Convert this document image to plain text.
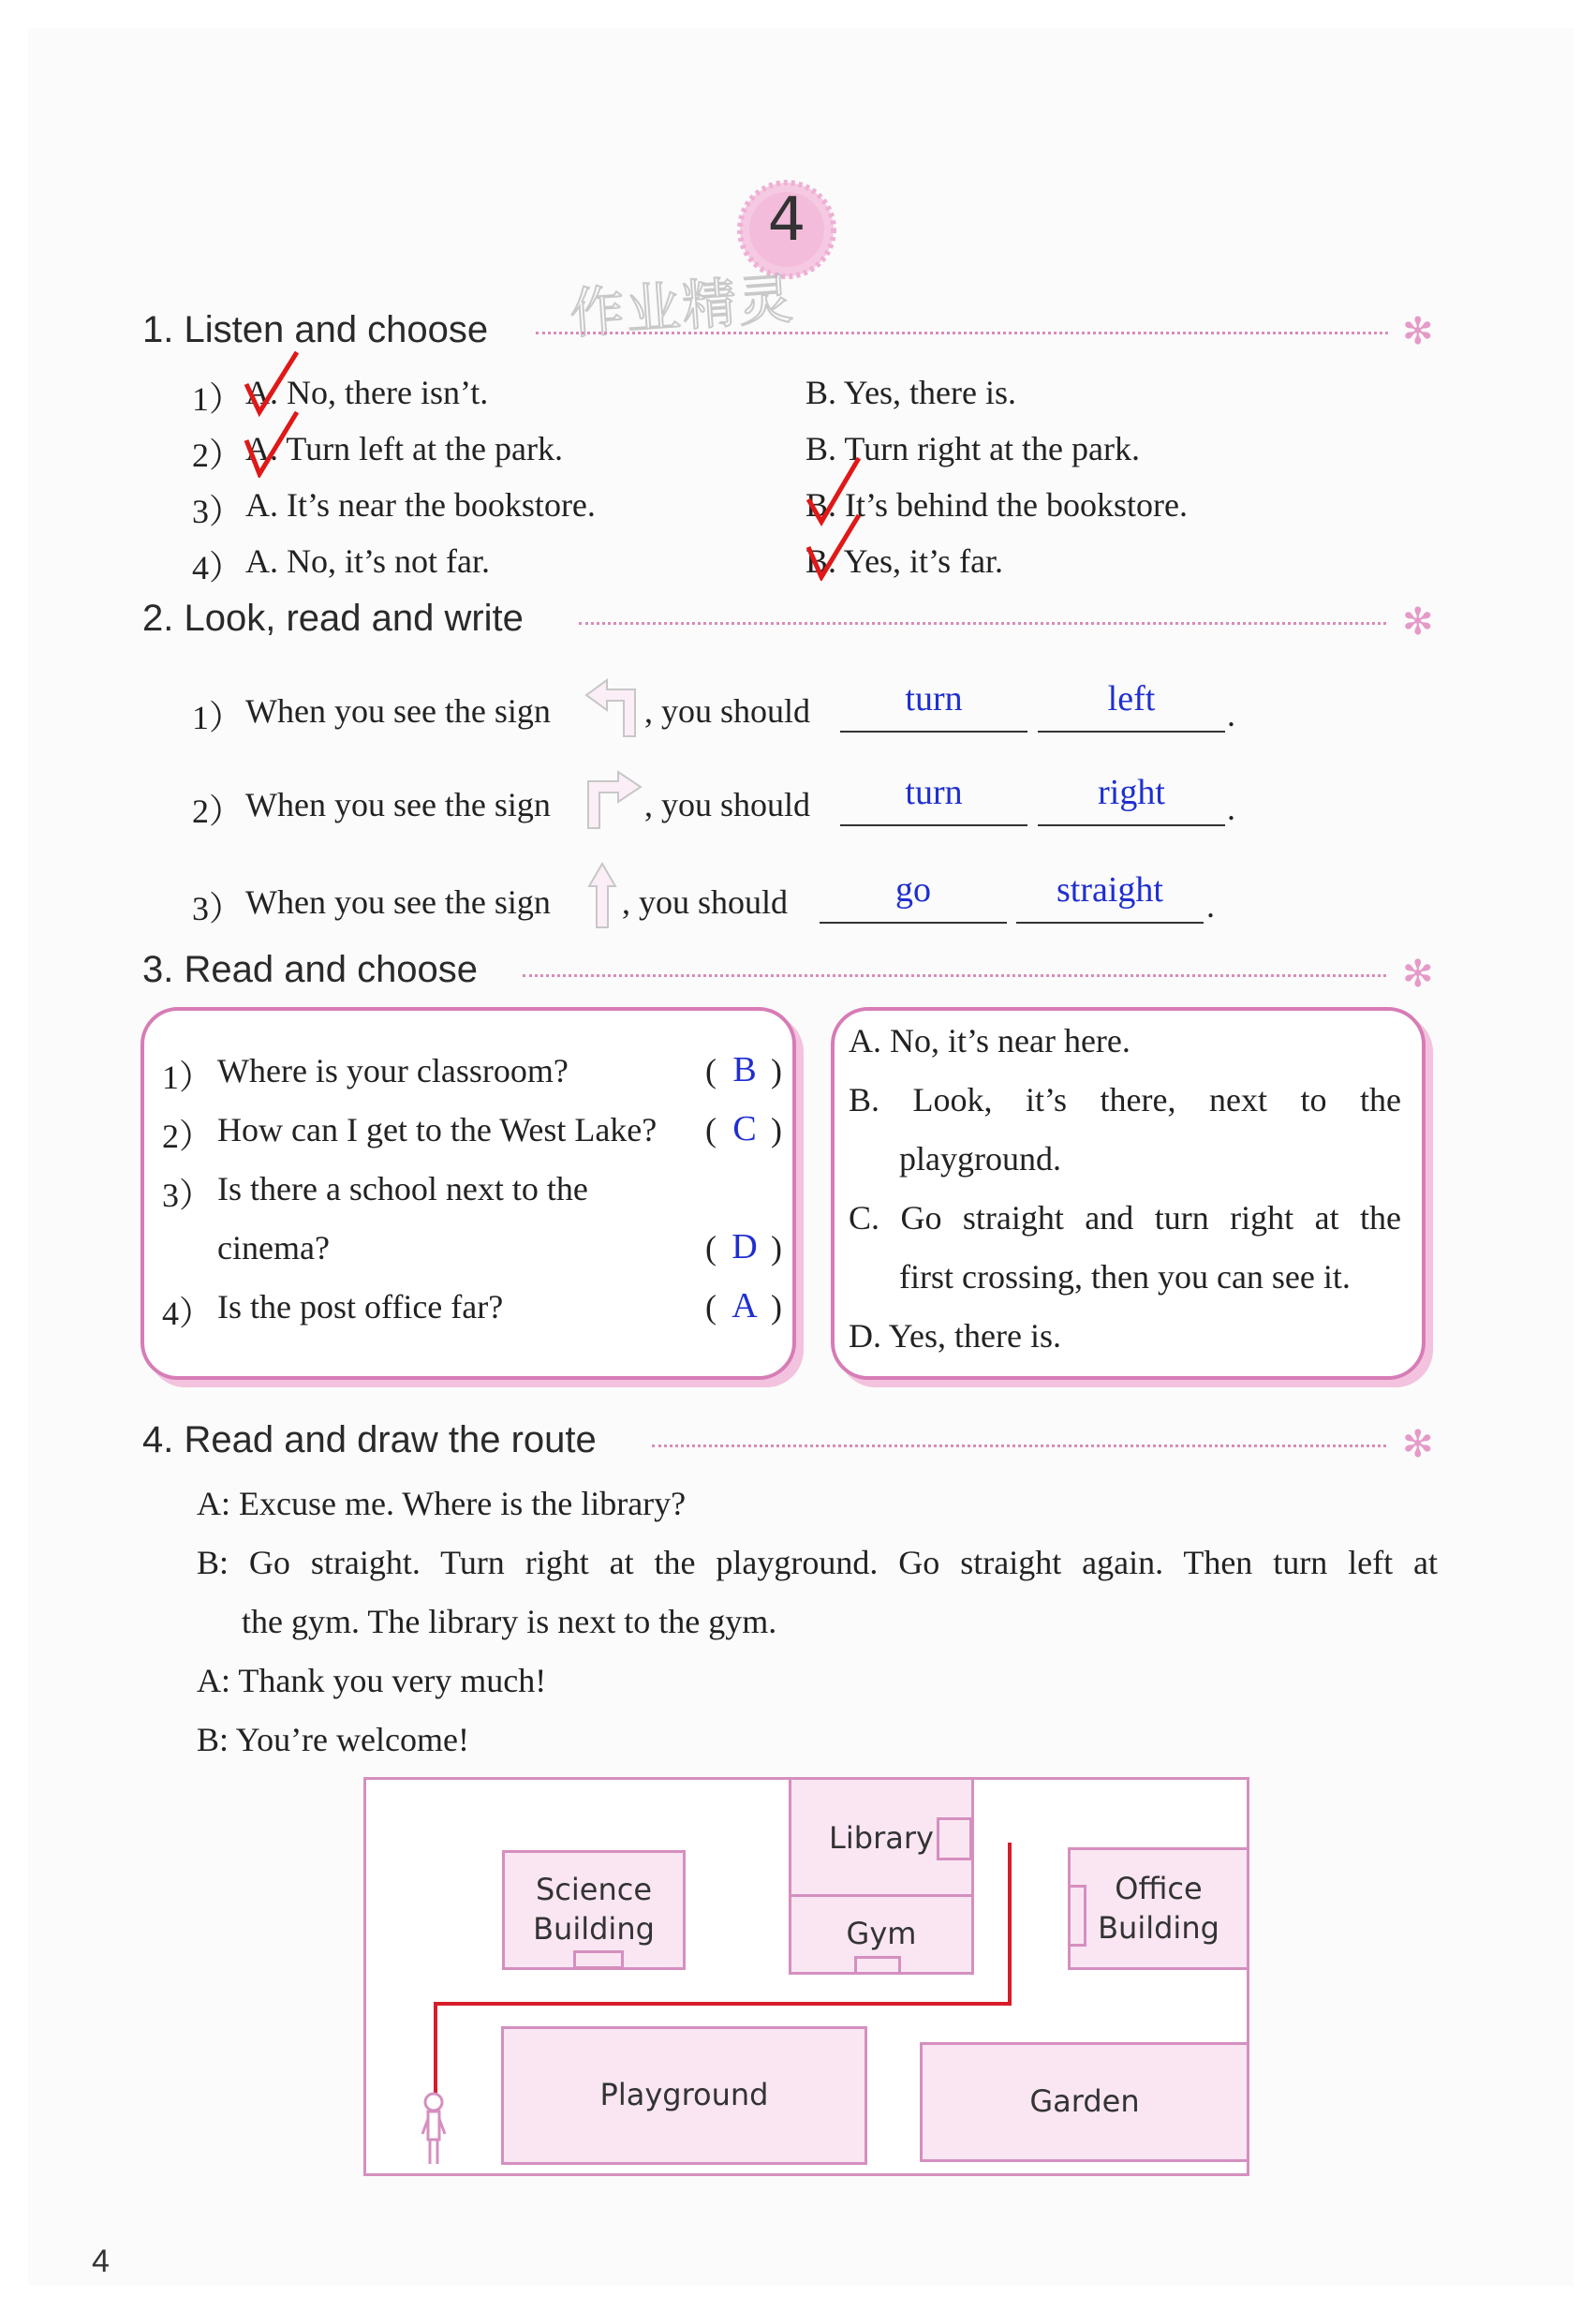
4
作业精灵
1. Listen and choose	✻
1） A. No, there isn’t.	B. Yes, there is.
2） A. Turn left at the park.	B. Turn right at the park.
3） A. It’s near the bookstore.	B. It’s behind the bookstore.
4） A. No, it’s not far.	B. Yes, it’s far.
2. Look, read and write	✻
1） When you see the sign	, you should	turn	left	.
2） When you see the sign	, you should	turn	right	.
3） When you see the sign , you should	go	straight	.
3. Read and choose	✻
1） Where is your classroom?	( B )
2） How can I get to the West Lake? ( C )
3） Is there a school next to the
cinema?	( D )
4） Is the post office far?	( A )
A. No, it’s near here.
B. Look, it’s there, next to the
playground.
C. Go straight and turn right at the
first crossing, then you can see it.
D. Yes, there is.
4. Read and draw the route	✻
A: Excuse me. Where is the library?
B: Go straight. Turn right at the playground. Go straight again. Then turn left at
the gym. The library is next to the gym.
A: Thank you very much!
B: You’re welcome!
Science Building
Library
Gym
Office Building
Playground	Garden
4
